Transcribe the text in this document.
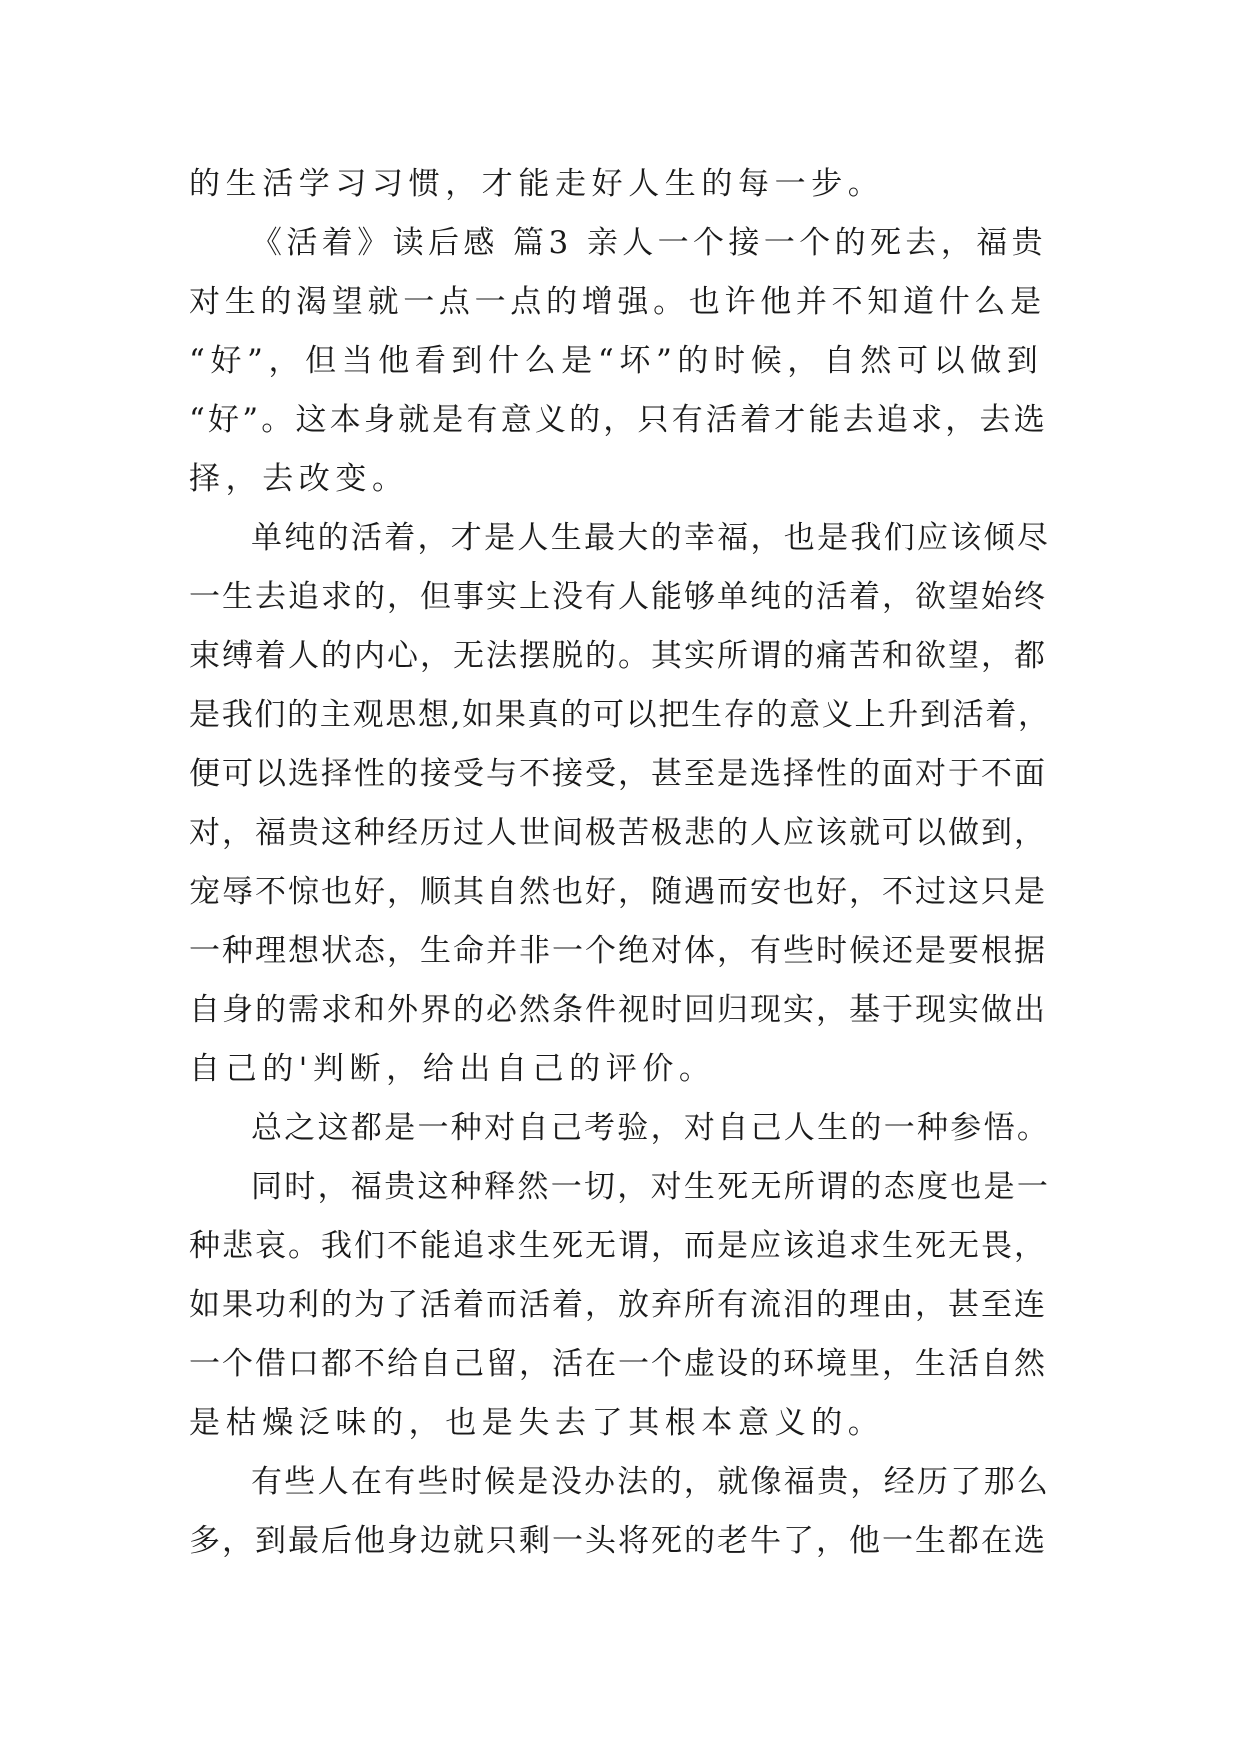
的生活学习习惯，才能走好人生的每一步。
《活着》读后感 篇3 亲人一个接一个的死去，福贵
对生的渴望就一点一点的增强。也许他并不知道什么是
“好”，但当他看到什么是“坏”的时候，自然可以做到
“好”。这本身就是有意义的，只有活着才能去追求，去选
择，去改变。
单纯的活着，才是人生最大的幸福，也是我们应该倾尽
一生去追求的，但事实上没有人能够单纯的活着，欲望始终
束缚着人的内心，无法摆脱的。其实所谓的痛苦和欲望，都
是我们的主观思想,如果真的可以把生存的意义上升到活着，
便可以选择性的接受与不接受，甚至是选择性的面对于不面
对，福贵这种经历过人世间极苦极悲的人应该就可以做到，
宠辱不惊也好，顺其自然也好，随遇而安也好，不过这只是
一种理想状态，生命并非一个绝对体，有些时候还是要根据
自身的需求和外界的必然条件视时回归现实，基于现实做出
自己的'判断，给出自己的评价。
总之这都是一种对自己考验，对自己人生的一种参悟。
同时，福贵这种释然一切，对生死无所谓的态度也是一
种悲哀。我们不能追求生死无谓，而是应该追求生死无畏，
如果功利的为了活着而活着，放弃所有流泪的理由，甚至连
一个借口都不给自己留，活在一个虚设的环境里，生活自然
是枯燥泛味的，也是失去了其根本意义的。
有些人在有些时候是没办法的，就像福贵，经历了那么
多，到最后他身边就只剩一头将死的老牛了，他一生都在选
